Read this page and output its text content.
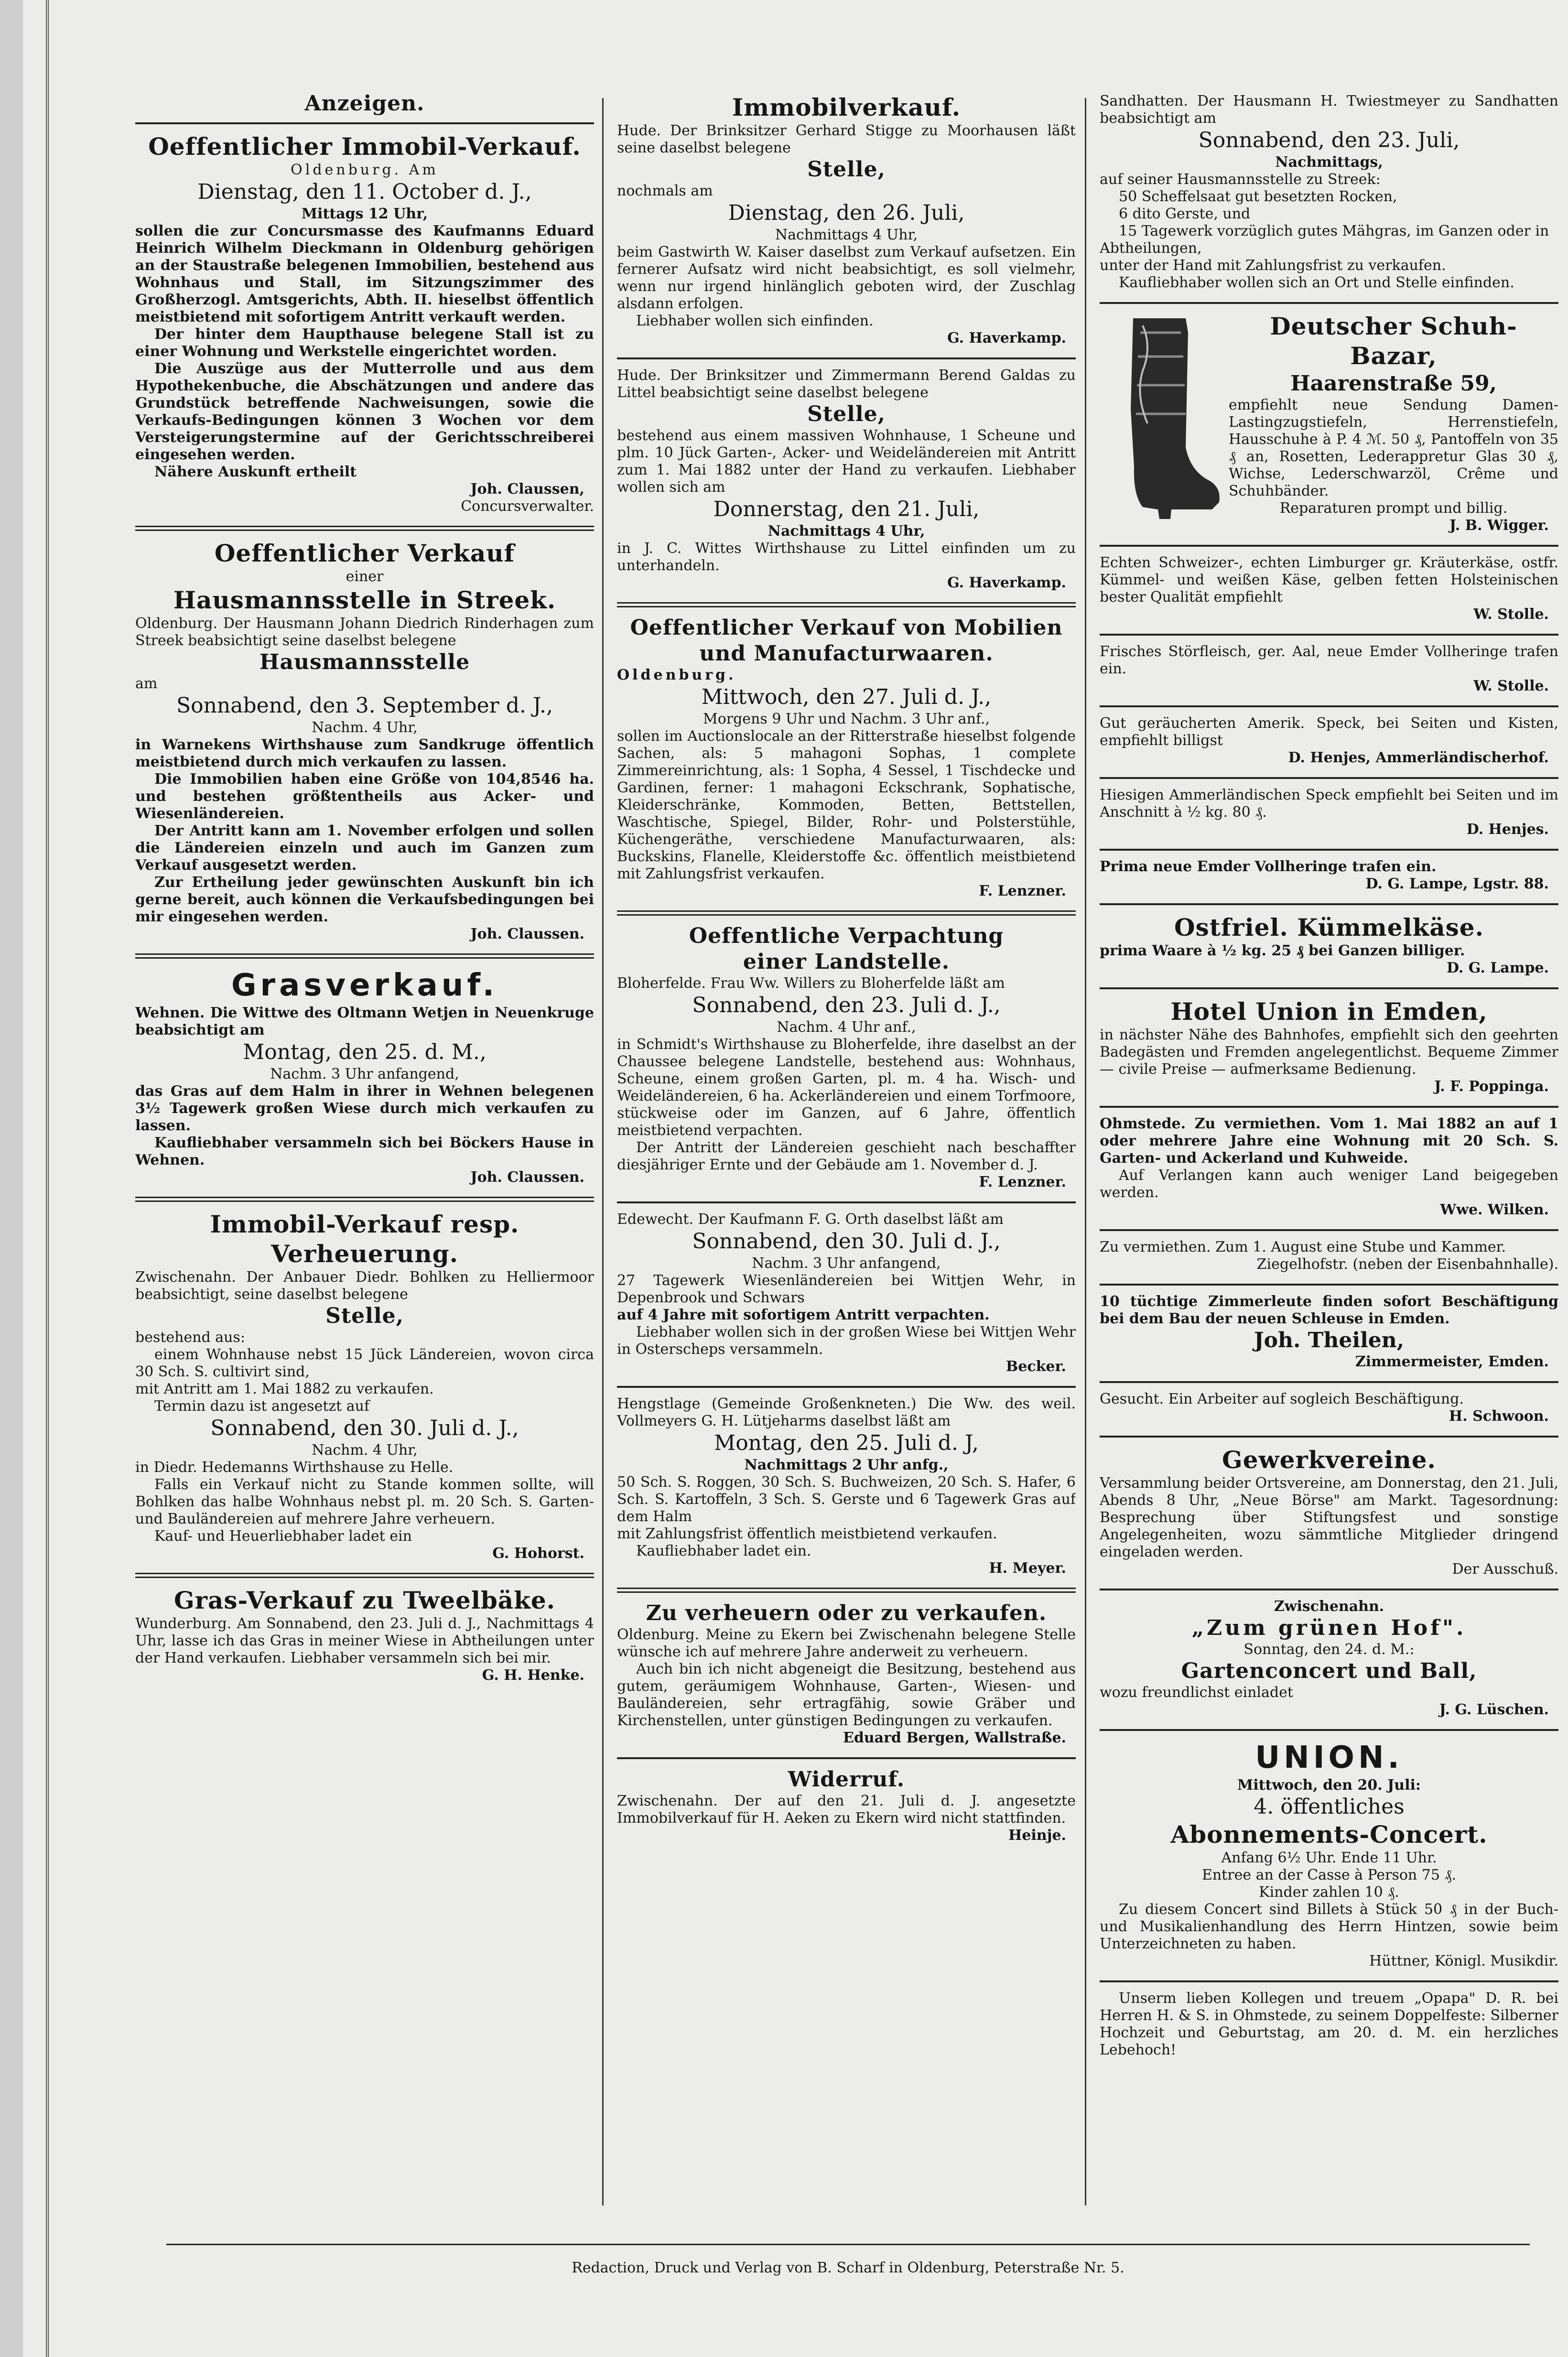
Anzeigen.

Oeffentlicher Immobil-Verkauf.

Oldenburg. Am

Dienstag, den 11. October d. J.,

Mittags 12 Uhr,

sollen die zur Concursmasse des Kaufmanns Eduard Heinrich Wilhelm Dieckmann in Oldenburg gehörigen an der Staustraße belegenen Immobilien, bestehend aus Wohnhaus und Stall, im Sitzungszimmer des Großherzogl. Amtsgerichts, Abth. II. hieselbst öffentlich meistbietend mit sofortigem Antritt verkauft werden.

Der hinter dem Haupthause belegene Stall ist zu einer Wohnung und Werkstelle eingerichtet worden.

Die Auszüge aus der Mutterrolle und aus dem Hypothekenbuche, die Abschätzungen und andere das Grundstück betreffende Nachweisungen, sowie die Verkaufs-Bedingungen können 3 Wochen vor dem Versteigerungstermine auf der Gerichtsschreiberei eingesehen werden.

Nähere Auskunft ertheilt

Joh. Claussen,

Concursverwalter.

Oeffentlicher Verkauf

einer

Hausmannsstelle in Streek.

Oldenburg. Der Hausmann Johann Diedrich Rinderhagen zum Streek beabsichtigt seine daselbst belegene

Hausmannsstelle

am

Sonnabend, den 3. September d. J.,

Nachm. 4 Uhr,

in Warnekens Wirthshause zum Sandkruge öffentlich meistbietend durch mich verkaufen zu lassen.

Die Immobilien haben eine Größe von 104,8546 ha. und bestehen größtentheils aus Acker- und Wiesenländereien.

Der Antritt kann am 1. November erfolgen und sollen die Ländereien einzeln und auch im Ganzen zum Verkauf ausgesetzt werden.

Zur Ertheilung jeder gewünschten Auskunft bin ich gerne bereit, auch können die Verkaufsbedingungen bei mir eingesehen werden.

Joh. Claussen.

Grasverkauf.

Wehnen. Die Wittwe des Oltmann Wetjen in Neuenkruge beabsichtigt am

Montag, den 25. d. M.,

Nachm. 3 Uhr anfangend,

das Gras auf dem Halm in ihrer in Wehnen belegenen 3½ Tagewerk großen Wiese durch mich verkaufen zu lassen.

Kaufliebhaber versammeln sich bei Böckers Hause in Wehnen.

Joh. Claussen.

Immobil-Verkauf resp.

Verheuerung.

Zwischenahn. Der Anbauer Diedr. Bohlken zu Helliermoor beabsichtigt, seine daselbst belegene

Stelle,

bestehend aus:

einem Wohnhause nebst 15 Jück Ländereien, wovon circa 30 Sch. S. cultivirt sind,

mit Antritt am 1. Mai 1882 zu verkaufen.

Termin dazu ist angesetzt auf

Sonnabend, den 30. Juli d. J.,

Nachm. 4 Uhr,

in Diedr. Hedemanns Wirthshause zu Helle.

Falls ein Verkauf nicht zu Stande kommen sollte, will Bohlken das halbe Wohnhaus nebst pl. m. 20 Sch. S. Garten- und Bauländereien auf mehrere Jahre verheuern.

Kauf- und Heuerliebhaber ladet ein

G. Hohorst.

Gras-Verkauf zu Tweelbäke.

Wunderburg. Am Sonnabend, den 23. Juli d. J., Nachmittags 4 Uhr, lasse ich das Gras in meiner Wiese in Abtheilungen unter der Hand verkaufen. Liebhaber versammeln sich bei mir.

G. H. Henke.

Immobilverkauf.

Hude. Der Brinksitzer Gerhard Stigge zu Moorhausen läßt seine daselbst belegene

Stelle,

nochmals am

Dienstag, den 26. Juli,

Nachmittags 4 Uhr,

beim Gastwirth W. Kaiser daselbst zum Verkauf aufsetzen. Ein fernerer Aufsatz wird nicht beabsichtigt, es soll vielmehr, wenn nur irgend hinlänglich geboten wird, der Zuschlag alsdann erfolgen.

Liebhaber wollen sich einfinden.

G. Haverkamp.

Hude. Der Brinksitzer und Zimmermann Berend Galdas zu Littel beabsichtigt seine daselbst belegene

Stelle,

bestehend aus einem massiven Wohnhause, 1 Scheune und plm. 10 Jück Garten-, Acker- und Weideländereien mit Antritt zum 1. Mai 1882 unter der Hand zu verkaufen. Liebhaber wollen sich am

Donnerstag, den 21. Juli,

Nachmittags 4 Uhr,

in J. C. Wittes Wirthshause zu Littel einfinden um zu unterhandeln.

G. Haverkamp.

Oeffentlicher Verkauf von Mobilien

und Manufacturwaaren.

Oldenburg.

Mittwoch, den 27. Juli d. J.,

Morgens 9 Uhr und Nachm. 3 Uhr anf.,

sollen im Auctionslocale an der Ritterstraße hieselbst folgende Sachen, als: 5 mahagoni Sophas, 1 complete Zimmereinrichtung, als: 1 Sopha, 4 Sessel, 1 Tischdecke und Gardinen, ferner: 1 mahagoni Eckschrank, Sophatische, Kleiderschränke, Kommoden, Betten, Bettstellen, Waschtische, Spiegel, Bilder, Rohr- und Polsterstühle, Küchengeräthe, verschiedene Manufacturwaaren, als: Buckskins, Flanelle, Kleiderstoffe &c. öffentlich meistbietend mit Zahlungsfrist verkaufen.

F. Lenzner.

Oeffentliche Verpachtung

einer Landstelle.

Bloherfelde. Frau Ww. Willers zu Bloherfelde läßt am

Sonnabend, den 23. Juli d. J.,

Nachm. 4 Uhr anf.,

in Schmidt's Wirthshause zu Bloherfelde, ihre daselbst an der Chaussee belegene Landstelle, bestehend aus: Wohnhaus, Scheune, einem großen Garten, pl. m. 4 ha. Wisch- und Weideländereien, 6 ha. Ackerländereien und einem Torfmoore, stückweise oder im Ganzen, auf 6 Jahre, öffentlich meistbietend verpachten.

Der Antritt der Ländereien geschieht nach beschaffter diesjähriger Ernte und der Gebäude am 1. November d. J.

F. Lenzner.

Edewecht. Der Kaufmann F. G. Orth daselbst läßt am

Sonnabend, den 30. Juli d. J.,

Nachm. 3 Uhr anfangend,

27 Tagewerk Wiesenländereien bei Wittjen Wehr, in Depenbrook und Schwars

auf 4 Jahre mit sofortigem Antritt verpachten.

Liebhaber wollen sich in der großen Wiese bei Wittjen Wehr in Osterscheps versammeln.

Becker.

Hengstlage (Gemeinde Großenkneten.) Die Ww. des weil. Vollmeyers G. H. Lütjeharms daselbst läßt am

Montag, den 25. Juli d. J,

Nachmittags 2 Uhr anfg.,

50 Sch. S. Roggen, 30 Sch. S. Buchweizen, 20 Sch. S. Hafer, 6 Sch. S. Kartoffeln, 3 Sch. S. Gerste und 6 Tagewerk Gras auf dem Halm

mit Zahlungsfrist öffentlich meistbietend verkaufen.

Kaufliebhaber ladet ein.

H. Meyer.

Zu verheuern oder zu verkaufen.

Oldenburg. Meine zu Ekern bei Zwischenahn belegene Stelle wünsche ich auf mehrere Jahre anderweit zu verheuern.

Auch bin ich nicht abgeneigt die Besitzung, bestehend aus gutem, geräumigem Wohnhause, Garten-, Wiesen- und Bauländereien, sehr ertragfähig, sowie Gräber und Kirchenstellen, unter günstigen Bedingungen zu verkaufen.

Eduard Bergen, Wallstraße.

Widerruf.

Zwischenahn. Der auf den 21. Juli d. J. angesetzte Immobilverkauf für H. Aeken zu Ekern wird nicht stattfinden.

Heinje.

Sandhatten. Der Hausmann H. Twiestmeyer zu Sandhatten beabsichtigt am

Sonnabend, den 23. Juli,

Nachmittags,

auf seiner Hausmannsstelle zu Streek:

50 Scheffelsaat gut besetzten Rocken,

6 dito Gerste, und

15 Tagewerk vorzüglich gutes Mähgras, im Ganzen oder in Abtheilungen,

unter der Hand mit Zahlungsfrist zu verkaufen.

Kaufliebhaber wollen sich an Ort und Stelle einfinden.

Deutscher Schuh-Bazar,

Haarenstraße 59,

empfiehlt neue Sendung Damen-Lastingzugstiefeln, Herrenstiefeln, Hausschuhe à P. 4 ℳ. 50 ₰, Pantoffeln von 35 ₰ an, Rosetten, Lederappretur Glas 30 ₰, Wichse, Lederschwarzöl, Crême und Schuhbänder.

Reparaturen prompt und billig.

J. B. Wigger.

Echten Schweizer-, echten Limburger gr. Kräuterkäse, ostfr. Kümmel- und weißen Käse, gelben fetten Holsteinischen bester Qualität empfiehlt

W. Stolle.

Frisches Störfleisch, ger. Aal, neue Emder Vollheringe trafen ein.

W. Stolle.

Gut geräucherten Amerik. Speck, bei Seiten und Kisten, empfiehlt billigst

D. Henjes, Ammerländischerhof.

Hiesigen Ammerländischen Speck empfiehlt bei Seiten und im Anschnitt à ½ kg. 80 ₰.

D. Henjes.

Prima neue Emder Vollheringe trafen ein.

D. G. Lampe, Lgstr. 88.

Ostfriel. Kümmelkäse.

prima Waare à ½ kg. 25 ₰ bei Ganzen billiger.

D. G. Lampe.

Hotel Union in Emden,

in nächster Nähe des Bahnhofes, empfiehlt sich den geehrten Badegästen und Fremden angelegentlichst. Bequeme Zimmer — civile Preise — aufmerksame Bedienung.

J. F. Poppinga.

Ohmstede. Zu vermiethen. Vom 1. Mai 1882 an auf 1 oder mehrere Jahre eine Wohnung mit 20 Sch. S. Garten- und Ackerland und Kuhweide.

Auf Verlangen kann auch weniger Land beigegeben werden.

Wwe. Wilken.

Zu vermiethen. Zum 1. August eine Stube und Kammer.

Ziegelhofstr. (neben der Eisenbahnhalle).

10 tüchtige Zimmerleute finden sofort Beschäftigung bei dem Bau der neuen Schleuse in Emden.

Joh. Theilen,

Zimmermeister, Emden.

Gesucht. Ein Arbeiter auf sogleich Beschäftigung.

H. Schwoon.

Gewerkvereine.

Versammlung beider Ortsvereine, am Donnerstag, den 21. Juli, Abends 8 Uhr, „Neue Börse" am Markt. Tagesordnung: Besprechung über Stiftungsfest und sonstige Angelegenheiten, wozu sämmtliche Mitglieder dringend eingeladen werden.

Der Ausschuß.

Zwischenahn.

„Zum grünen Hof".

Sonntag, den 24. d. M.:

Gartenconcert und Ball,

wozu freundlichst einladet

J. G. Lüschen.

UNION.

Mittwoch, den 20. Juli:

4. öffentliches

Abonnements-Concert.

Anfang 6½ Uhr. Ende 11 Uhr.

Entree an der Casse à Person 75 ₰.

Kinder zahlen 10 ₰.

Zu diesem Concert sind Billets à Stück 50 ₰ in der Buch- und Musikalienhandlung des Herrn Hintzen, sowie beim Unterzeichneten zu haben.

Hüttner, Königl. Musikdir.

Unserm lieben Kollegen und treuem „Opapa" D. R. bei Herren H. & S. in Ohmstede, zu seinem Doppelfeste: Silberner Hochzeit und Geburtstag, am 20. d. M. ein herzliches Lebehoch!

Redaction, Druck und Verlag von B. Scharf in Oldenburg, Peterstraße Nr. 5.
